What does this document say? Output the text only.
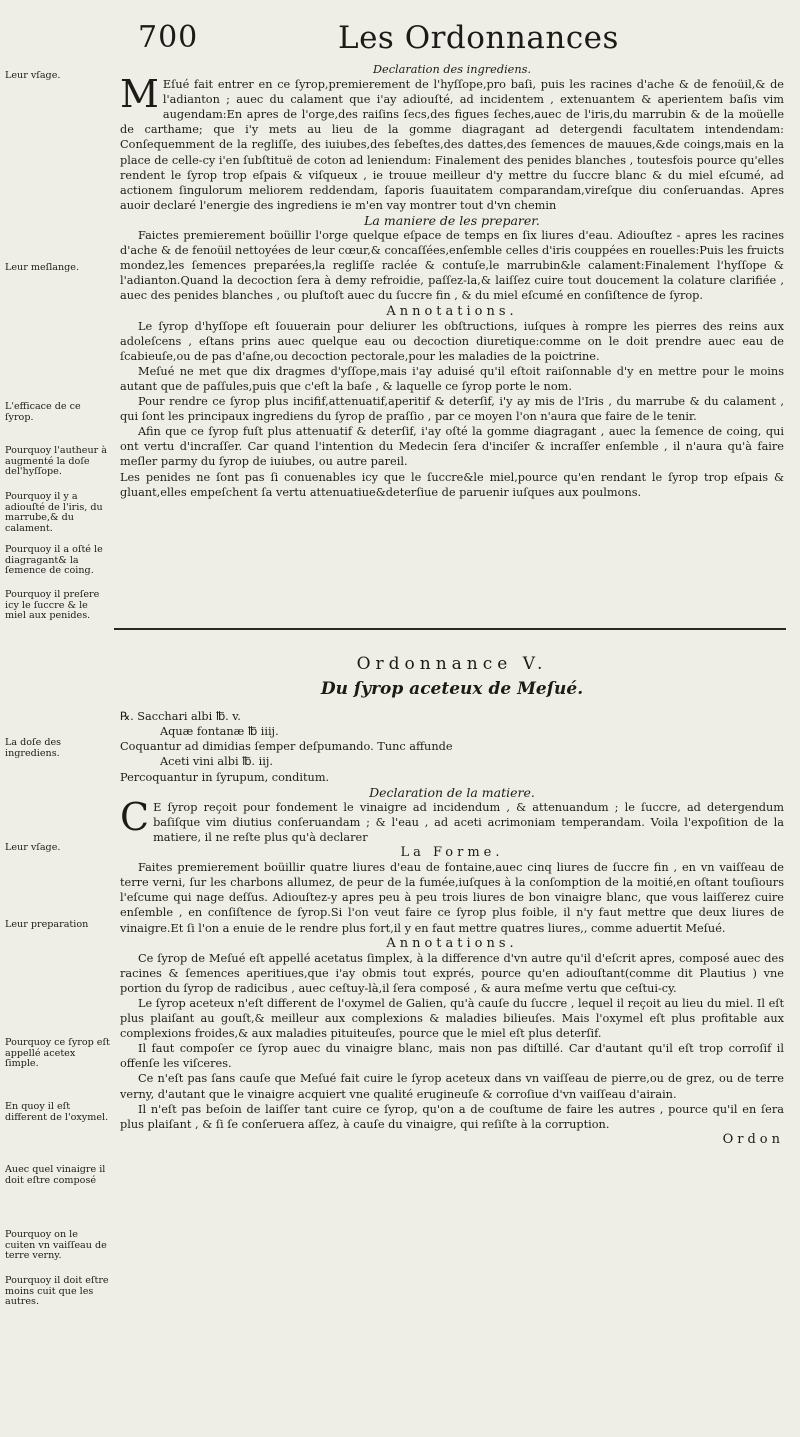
700	Les Ordonnances
Leur vſage.
Leur meſlange.
L'efficace de ce ſyrop.
Pourquoy l'autheur à augmenté la doſe del'hyſſope.
Pourquoy il y a adiouſté de l'iris, du marrube,& du calament.
Pourquoy il a oſté le diagragant& la ſemence de coing.
Pourquoy il preſere icy le ſuccre & le miel aux penides.
La doſe des ingrediens.
Leur vſage.
Leur preparation
Pourquoy ce ſyrop eſt appellé acetex ſimple.
En quoy il eſt different de l'oxymel.
Auec quel vinaigre il doit eſtre composé
Pourquoy on le cuiten vn vaiſſeau de terre verny.
Pourquoy il doit eſtre moins cuit que les autres.
Declaration des ingrediens.

M Eſué fait entrer en ce ſyrop,premierement de l'hyſſope,pro baſi, puis les racines d'ache & de fenoüil,& de l'adianton ; auec du calament que i'ay adiouſté, ad incidentem , extenuantem & aperientem baſis vim augendam:En apres de l'orge,des raiſins ſecs,des figues ſeches,auec de l'iris,du marrubin & de la moüelle de carthame; que i'y mets au lieu de la gomme diagragant ad detergendi facultatem intendendam: Conſequemment de la regliſſe, des iuiubes,des ſebeſtes,des dattes,des ſemences de mauues,&de coings,mais en la place de celle-cy i'en ſubſtituë de coton ad leniendum: Finalement des penides blanches , toutesfois pource qu'elles rendent le ſyrop trop eſpais & viſqueux , ie trouue meilleur d'y mettre du ſuccre blanc & du miel eſcumé, ad actionem ſingulorum meliorem reddendam, ſaporis ſuauitatem comparandam,vireſque diu conſeruandas. Apres auoir declaré l'energie des ingrediens ie m'en vay montrer tout d'vn chemin

La maniere de les preparer.

Faictes premierement boüillir l'orge quelque eſpace de temps en ſix liures d'eau. Adiouſtez - apres les racines d'ache & de fenoüil nettoyées de leur cœur,& concaſſées,enſemble celles d'iris couppées en rouelles:Puis les fruicts mondez,les ſemences preparées,la regliſſe raclée & contuſe,le marrubin&le calament:Finalement l'hyſſope & l'adianton.Quand la decoction ſera à demy refroidie, paſſez-la,& laiſſez cuire tout doucement la colature clarifiée , auec des penides blanches , ou pluſtoſt auec du ſuccre fin , & du miel eſcumé en conſiſtence de ſyrop.

Annotations.

Le ſyrop d'hyſſope eſt ſouuerain pour deliurer les obſtructions, iuſques à rompre les pierres des reins aux adoleſcens , eſtans prins auec quelque eau ou decoction diuretique:comme on le doit prendre auec eau de ſcabieuſe,ou de pas d'aſne,ou decoction pectorale,pour les maladies de la poictrine.

Meſué ne met que dix dragmes d'yſſope,mais i'ay aduisé qu'il eſtoit raiſonnable d'y en mettre pour le moins autant que de paſſules,puis que c'eſt la baſe , & laquelle ce ſyrop porte le nom.

Pour rendre ce ſyrop plus incifif,attenuatif,aperitif & deterſif, i'y ay mis de l'Iris , du marrube & du calament , qui ſont les principaux ingrediens du ſyrop de praſſio , par ce moyen l'on n'aura que faire de le tenir.

Afin que ce ſyrop fuſt plus attenuatif & deterſif, i'ay oſté la gomme diagragant , auec la ſemence de coing, qui ont vertu d'incraſſer. Car quand l'intention du Medecin ſera d'inciſer & incraſſer enſemble , il n'aura qu'à faire meſler parmy du ſyrop de iuiubes, ou autre pareil.

Les penides ne ſont pas ſi conuenables icy que le ſuccre&le miel,pource qu'en rendant le ſyrop trop eſpais & gluant,elles empeſchent ſa vertu attenuatiue&deterſiue de paruenir iuſques aux poulmons.

Ordonnance V.
Du ſyrop aceteux de Meſué.
℞. Sacchari albi ℔. v.
Aquæ fontanæ ℔ iiij.
Coquantur ad dimidias ſemper deſpumando. Tunc affunde
Aceti vini albi ℔. iij.
Percoquantur in ſyrupum, conditum.
Declaration de la matiere.

C E ſyrop reçoit pour fondement le vinaigre ad incidendum , & attenuandum ; le ſuccre, ad detergendum baſiſque vim diutius conſeruandam ; & l'eau , ad aceti acrimoniam temperandam. Voila l'expoſition de la matiere, il ne reſte plus qu'à declarer

La Forme.

Faites premierement boüillir quatre liures d'eau de fontaine,auec cinq liures de ſuccre fin , en vn vaiſſeau de terre verni, ſur les charbons allumez, de peur de la fumée,iuſques à la conſomption de la moitié,en oſtant touſiours l'eſcume qui nage deſſus. Adiouſtez-y apres peu à peu trois liures de bon vinaigre blanc, que vous laiſſerez cuire enſemble , en conſiſtence de ſyrop.Si l'on veut faire ce ſyrop plus foible, il n'y faut mettre que deux liures de vinaigre.Et ſi l'on a enuie de le rendre plus fort,il y en faut mettre quatres liures,, comme aduertit Meſué.

Annotations.

Ce ſyrop de Meſué eſt appellé acetatus ſimplex, à la difference d'vn autre qu'il d'eſcrit apres, composé auec des racines & ſemences aperitiues,que i'ay obmis tout exprés, pource qu'en adiouſtant(comme dit Plautius ) vne portion du ſyrop de radicibus , auec ceſtuy-là,il ſera composé , & aura meſme vertu que ceſtui-cy.

Le ſyrop aceteux n'eſt different de l'oxymel de Galien, qu'à cauſe du ſuccre , lequel il reçoit au lieu du miel. Il eſt plus plaiſant au gouſt,& meilleur aux complexions & maladies bilieuſes. Mais l'oxymel eſt plus profitable aux complexions froides,& aux maladies pituiteuſes, pource que le miel eſt plus deterſif.

Il faut compoſer ce ſyrop auec du vinaigre blanc, mais non pas diſtillé. Car d'autant qu'il eſt trop corroſif il offenſe les viſceres.

Ce n'eſt pas ſans cauſe que Meſué fait cuire le ſyrop aceteux dans vn vaiſſeau de pierre,ou de grez, ou de terre verny, d'autant que le vinaigre acquiert vne qualité erugineuſe & corroſiue d'vn vaiſſeau d'airain.

Il n'eſt pas beſoin de laiſſer tant cuire ce ſyrop, qu'on a de couſtume de faire les autres , pource qu'il en ſera plus plaiſant , & ſi ſe conſeruera aſſez, à cauſe du vinaigre, qui reſiſte à la corruption.

Ordon
